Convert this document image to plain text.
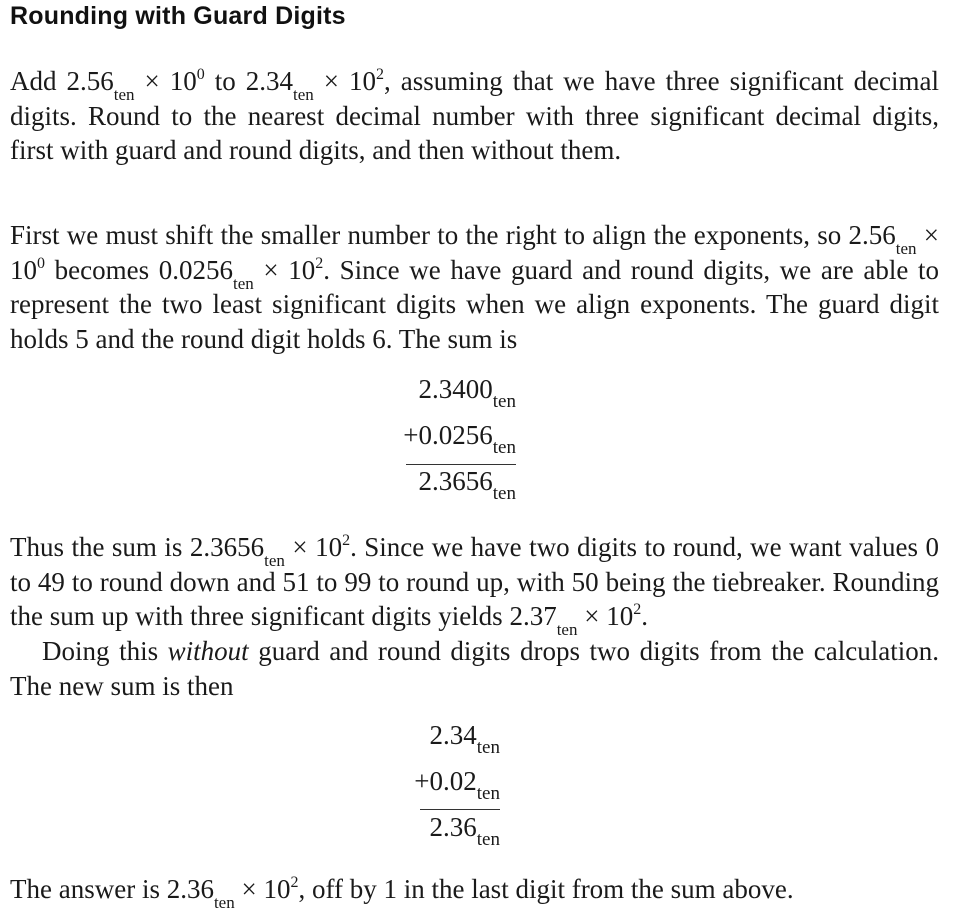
Rounding with Guard Digits

Add $2.56_{ten} \times 10^0$ to $2.34_{ten} \times 10^2$, assuming that we have three significant decimal digits. Round to the nearest decimal number with three significant decimal digits, first with guard and round digits, and then without them.

First we must shift the smaller number to the right to align the exponents, so $2.56_{ten} \times 10^0$ becomes $0.0256_{ten} \times 10^2$. Since we have guard and round digits, we are able to represent the two least significant digits when we align exponents. The guard digit holds 5 and the round digit holds 6. The sum is

$2.3400_{ten}$
$+0.0256_{ten}$
$2.3656_{ten}$

Thus the sum is $2.3656_{ten} \times 10^2$. Since we have two digits to round, we want values 0 to 49 to round down and 51 to 99 to round up, with 50 being the tiebreaker. Rounding the sum up with three significant digits yields $2.37_{ten} \times 10^2$.

Doing this without guard and round digits drops two digits from the calculation. The new sum is then

$2.34_{ten}$
$+0.02_{ten}$
$2.36_{ten}$

The answer is $2.36_{ten} \times 10^2$, off by 1 in the last digit from the sum above.
